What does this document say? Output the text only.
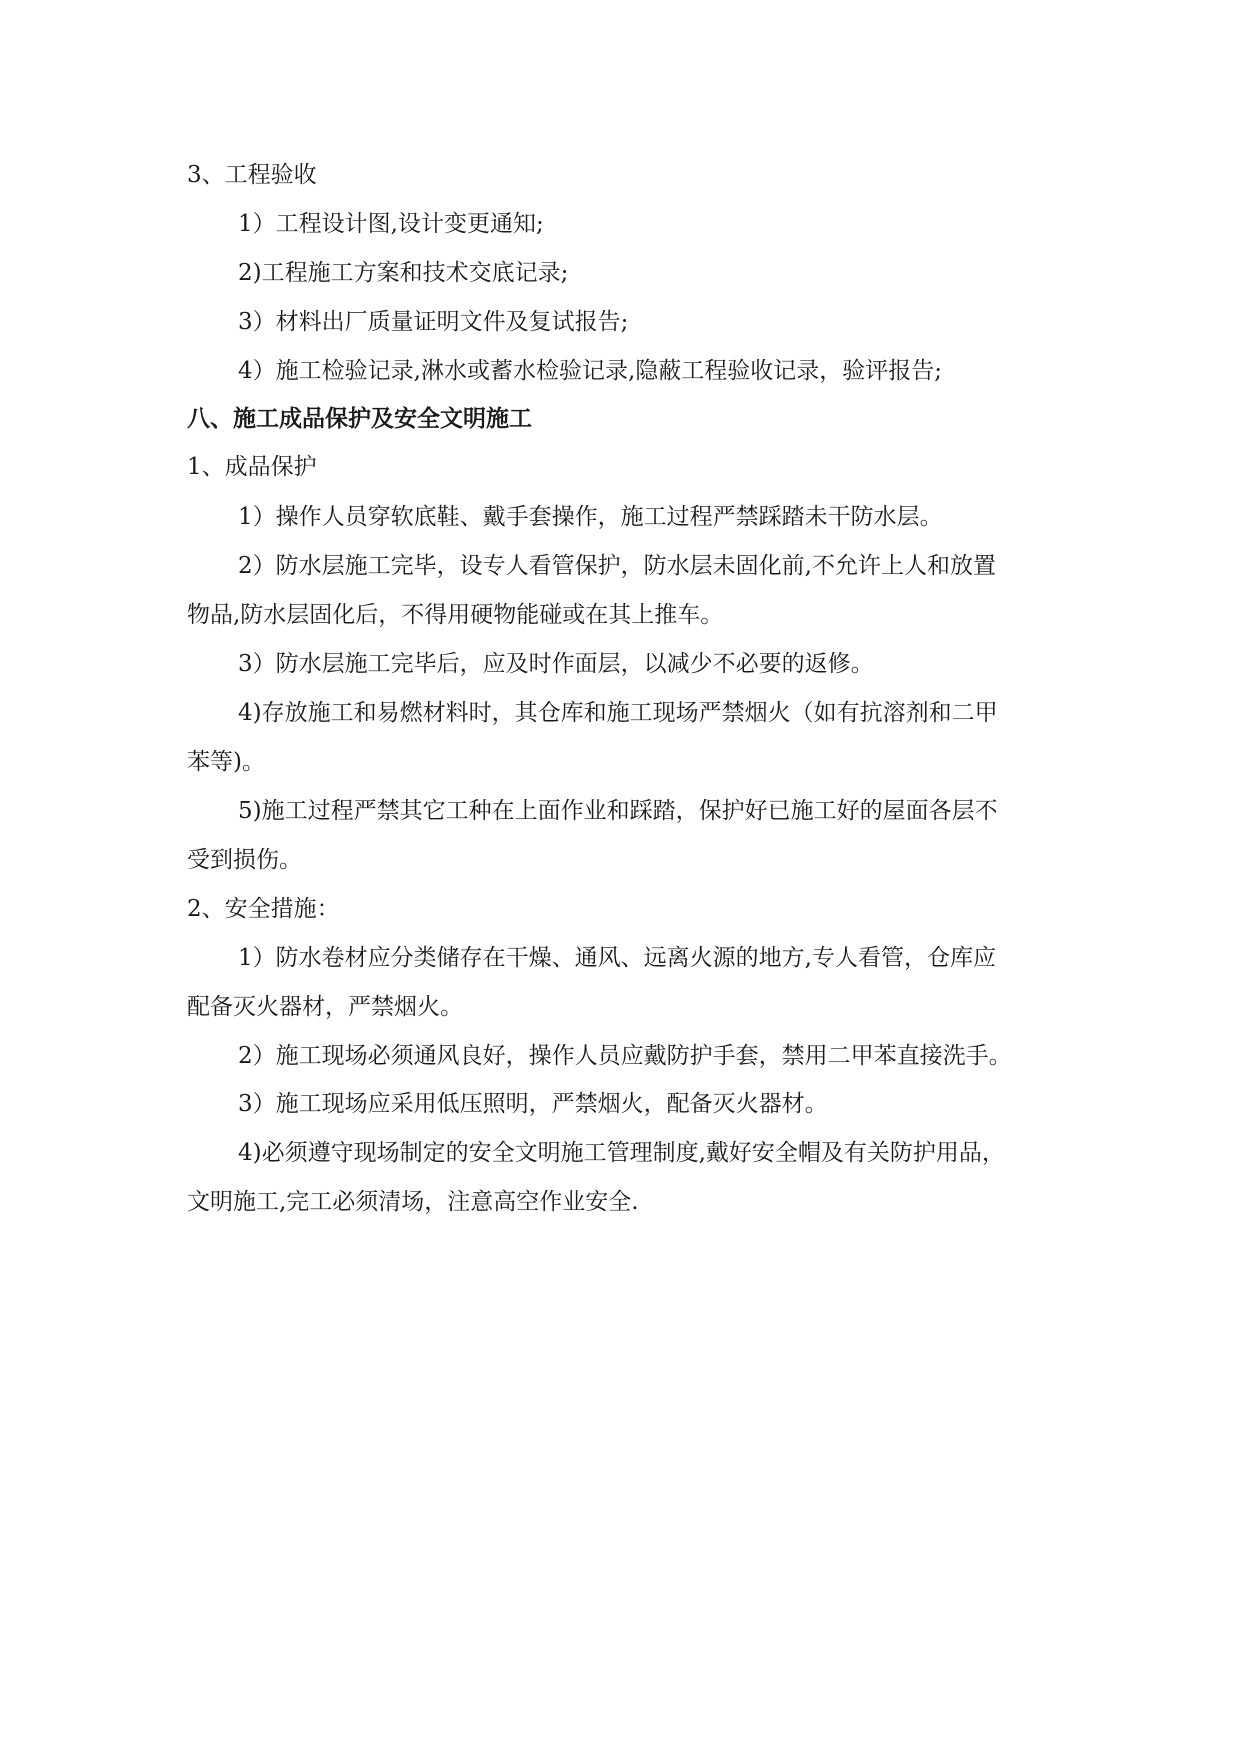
3、工程验收
1）工程设计图,设计变更通知;
2)工程施工方案和技术交底记录;
3）材料出厂质量证明文件及复试报告;
4）施工检验记录,淋水或蓄水检验记录,隐蔽工程验收记录，验评报告;
八、施工成品保护及安全文明施工
1、成品保护
1）操作人员穿软底鞋、戴手套操作，施工过程严禁踩踏未干防水层。
2）防水层施工完毕，设专人看管保护，防水层未固化前,不允许上人和放置
物品,防水层固化后，不得用硬物能碰或在其上推车。
3）防水层施工完毕后，应及时作面层，以减少不必要的返修。
4)存放施工和易燃材料时，其仓库和施工现场严禁烟火（如有抗溶剂和二甲
苯等)。
5)施工过程严禁其它工种在上面作业和踩踏，保护好已施工好的屋面各层不
受到损伤。
2、安全措施：
1）防水卷材应分类储存在干燥、通风、远离火源的地方,专人看管，仓库应
配备灭火器材，严禁烟火。
2）施工现场必须通风良好，操作人员应戴防护手套，禁用二甲苯直接洗手。
3）施工现场应采用低压照明，严禁烟火，配备灭火器材。
4)必须遵守现场制定的安全文明施工管理制度,戴好安全帽及有关防护用品，
文明施工,完工必须清场，注意高空作业安全.
